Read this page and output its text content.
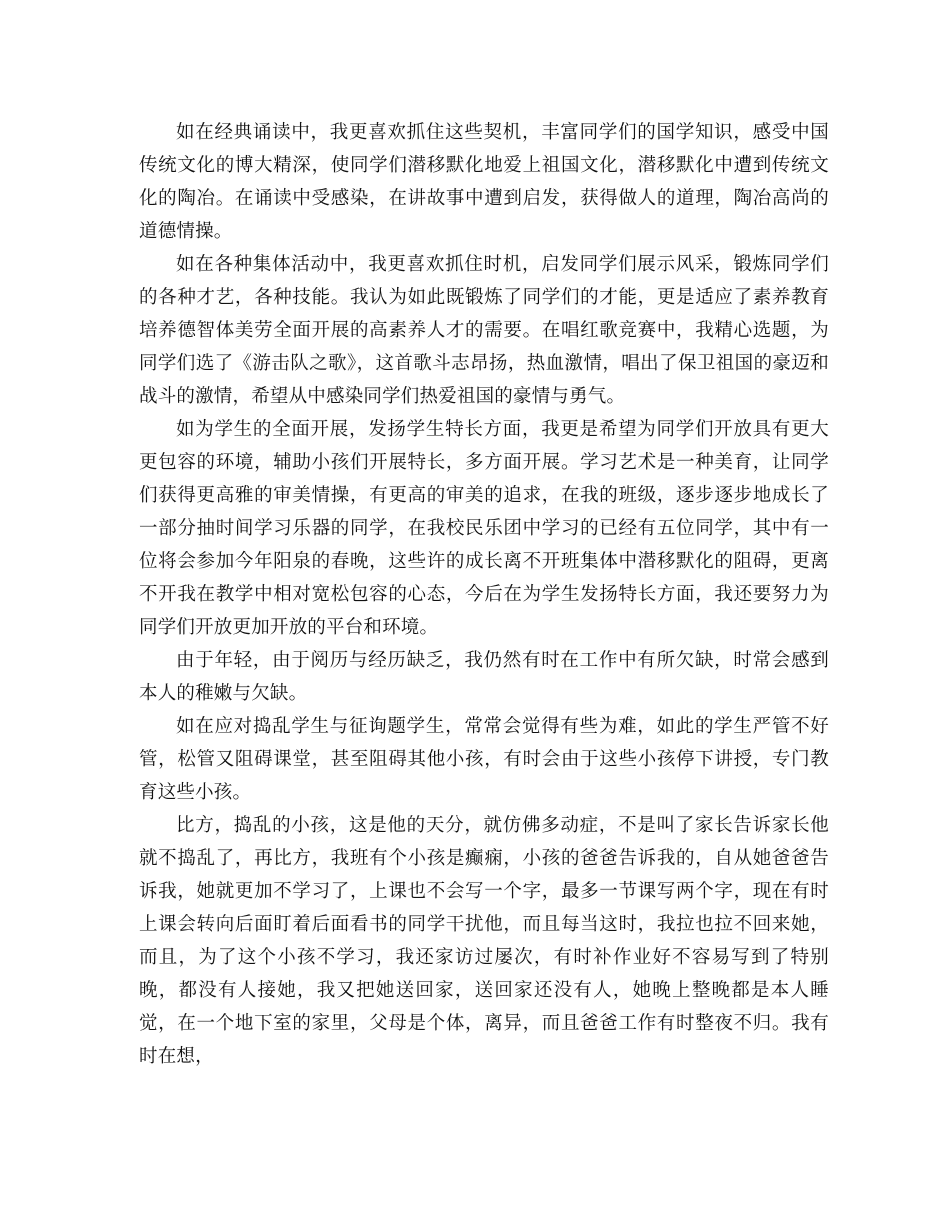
如在经典诵读中，我更喜欢抓住这些契机，丰富同学们的国学知识，感受中国传统文化的博大精深，使同学们潜移默化地爱上祖国文化，潜移默化中遭到传统文化的陶冶。在诵读中受感染，在讲故事中遭到启发，获得做人的道理，陶冶高尚的道德情操。

如在各种集体活动中，我更喜欢抓住时机，启发同学们展示风采，锻炼同学们的各种才艺，各种技能。我认为如此既锻炼了同学们的才能，更是适应了素养教育培养德智体美劳全面开展的高素养人才的需要。在唱红歌竞赛中，我精心选题，为同学们选了《游击队之歌》，这首歌斗志昂扬，热血激情，唱出了保卫祖国的豪迈和战斗的激情，希望从中感染同学们热爱祖国的豪情与勇气。

如为学生的全面开展，发扬学生特长方面，我更是希望为同学们开放具有更大更包容的环境，辅助小孩们开展特长，多方面开展。学习艺术是一种美育，让同学们获得更高雅的审美情操，有更高的审美的追求，在我的班级，逐步逐步地成长了一部分抽时间学习乐器的同学，在我校民乐团中学习的已经有五位同学，其中有一位将会参加今年阳泉的春晚，这些许的成长离不开班集体中潜移默化的阻碍，更离不开我在教学中相对宽松包容的心态，今后在为学生发扬特长方面，我还要努力为同学们开放更加开放的平台和环境。

由于年轻，由于阅历与经历缺乏，我仍然有时在工作中有所欠缺，时常会感到本人的稚嫩与欠缺。

如在应对捣乱学生与征询题学生，常常会觉得有些为难，如此的学生严管不好管，松管又阻碍课堂，甚至阻碍其他小孩，有时会由于这些小孩停下讲授，专门教育这些小孩。

比方，捣乱的小孩，这是他的天分，就仿佛多动症，不是叫了家长告诉家长他就不捣乱了，再比方，我班有个小孩是癫痫，小孩的爸爸告诉我的，自从她爸爸告诉我，她就更加不学习了，上课也不会写一个字，最多一节课写两个字，现在有时上课会转向后面盯着后面看书的同学干扰他，而且每当这时，我拉也拉不回来她，而且，为了这个小孩不学习，我还家访过屡次，有时补作业好不容易写到了特别晚，都没有人接她，我又把她送回家，送回家还没有人，她晚上整晚都是本人睡觉，在一个地下室的家里，父母是个体，离异，而且爸爸工作有时整夜不归。我有时在想，
